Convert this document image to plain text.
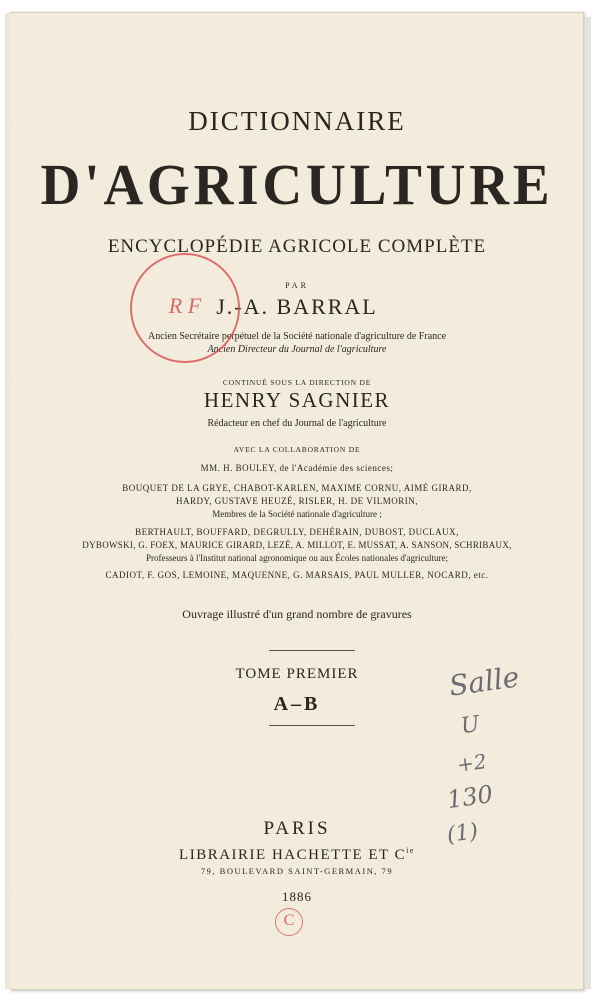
DICTIONNAIRE
D'AGRICULTURE
ENCYCLOPÉDIE AGRICOLE COMPLÈTE
PAR
J.-A. BARRAL
Ancien Secrétaire perpétuel de la Société nationale d'agriculture de France
Ancien Directeur du Journal de l'agriculture
CONTINUÉ SOUS LA DIRECTION DE
HENRY SAGNIER
Rédacteur en chef du Journal de l'agriculture
AVEC LA COLLABORATION DE
MM. H. BOULEY, de l'Académie des sciences;
BOUQUET DE LA GRYE, CHABOT-KARLEN, MAXIME CORNU, AIMÉ GIRARD,
HARDY, GUSTAVE HEUZÉ, RISLER, H. DE VILMORIN,
Membres de la Société nationale d'agriculture ;
BERTHAULT, BOUFFARD, DEGRULLY, DEHÉRAIN, DUBOST, DUCLAUX,
DYBOWSKI, G. FOEX, MAURICE GIRARD, LEZÉ, A. MILLOT, E. MUSSAT, A. SANSON, SCHRIBAUX,
Professeurs à l'Institut national agronomique ou aux Écoles nationales d'agriculture;
CADIOT, F. GOS, LEMOINE, MAQUENNE, G. MARSAIS, PAUL MULLER, NOCARD, etc.
Ouvrage illustré d'un grand nombre de gravures
TOME PREMIER
A–B
PARIS
LIBRAIRIE HACHETTE ET $C^{ie}$
79, BOULEVARD SAINT-GERMAIN, 79
1886
R F
C
Salle
U
+2
130
(1)
